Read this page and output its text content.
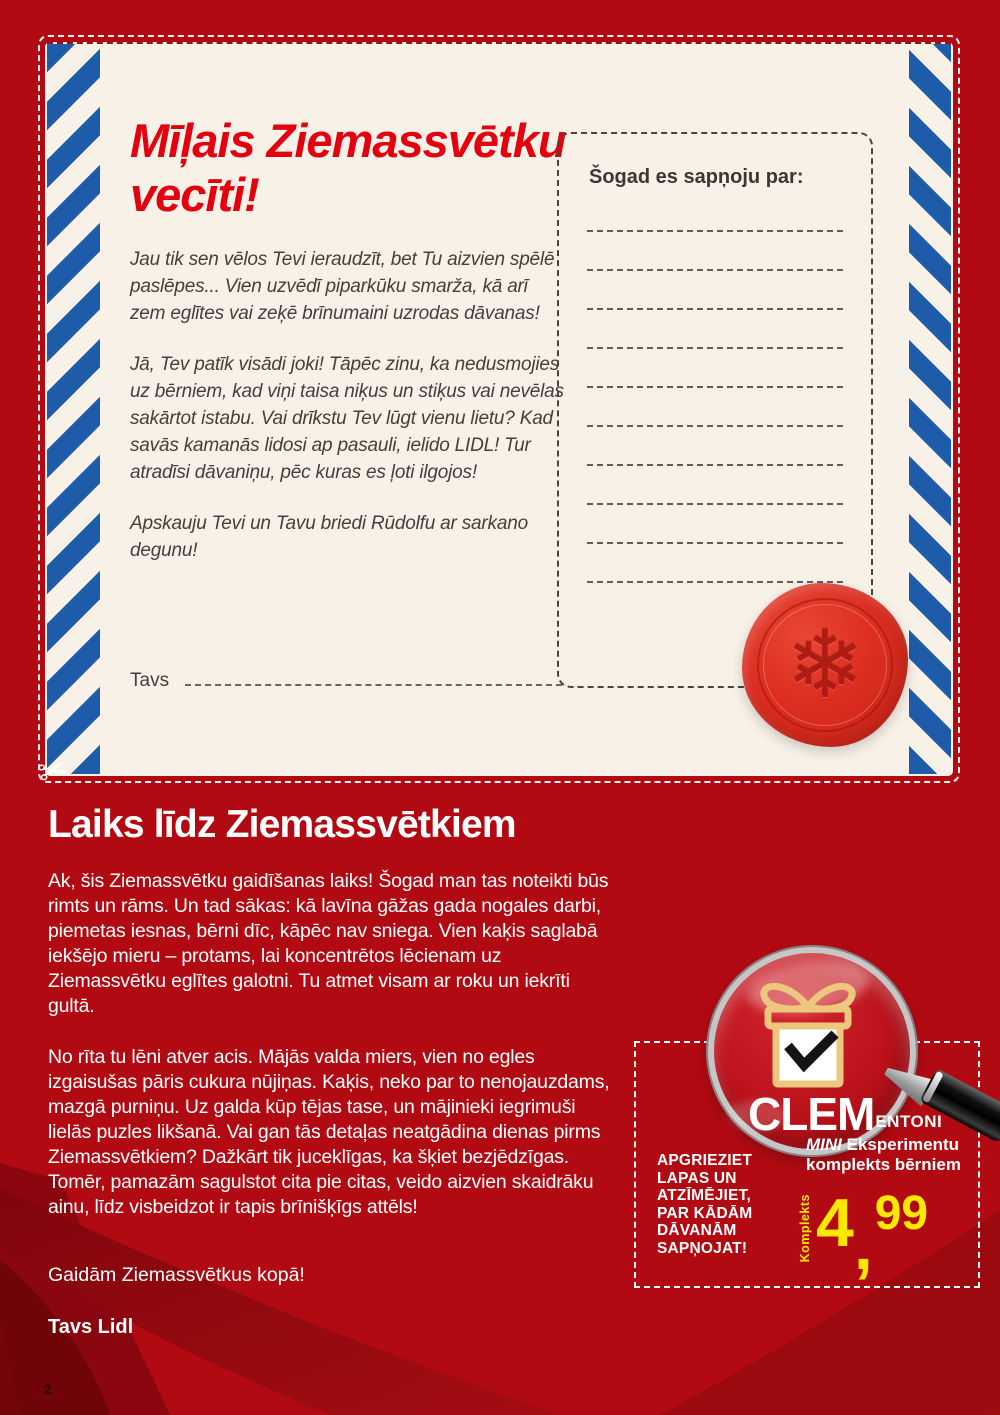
Mīļais Ziemassvētku vecīti!

Jau tik sen vēlos Tevi ieraudzīt, bet Tu aizvien spēlē paslēpes... Vien uzvēdī piparkūku smarža, kā arī zem eglītes vai zeķē brīnumaini uzrodas dāvanas!

Jā, Tev patīk visādi joki! Tāpēc zinu, ka nedusmojies uz bērniem, kad viņi taisa niķus un stiķus vai nevēlas sakārtot istabu. Vai drīkstu Tev lūgt vienu lietu? Kad savās kamanās lidosi ap pasauli, ielido LIDL! Tur atradīsi dāvaniņu, pēc kuras es ļoti ilgojos!

Apskauju Tevi un Tavu briedi Rūdolfu ar sarkano degunu!

Tavs
Šogad es sapņoju par:
❄
✂
Laiks līdz Ziemassvētkiem

Ak, šis Ziemassvētku gaidīšanas laiks! Šogad man tas noteikti būs rimts un rāms. Un tad sākas: kā lavīna gāžas gada nogales darbi, piemetas iesnas, bērni dīc, kāpēc nav sniega. Vien kaķis saglabā iekšējo mieru – protams, lai koncentrētos lēcienam uz Ziemassvētku eglītes galotni. Tu atmet visam ar roku un iekrīti gultā.

No rīta tu lēni atver acis. Mājās valda miers, vien no egles izgaisušas pāris cukura nūjiņas. Kaķis, neko par to nenojauzdams, mazgā purniņu. Uz galda kūp tējas tase, un mājinieki iegrimuši lielās puzles likšanā. Vai gan tās detaļas neatgādina dienas pirms Ziemassvētkiem? Dažkārt tik juceklīgas, ka šķiet bezjēdzīgas. Tomēr, pamazām sagulstot cita pie citas, veido aizvien skaidrāku ainu, līdz visbeidzot ir tapis brīnišķīgs attēls!

Gaidām Ziemassvētkus kopā!
Tavs Lidl
APGRIEZIET
LAPAS UN
ATZĪMĒJIET,
PAR KĀDĀM
DĀVANĀM
SAPŅOJAT!
CLEM ENTONI
MINI Eksperimentu
komplekts bērniem
Komplekts 4 , 99
2
